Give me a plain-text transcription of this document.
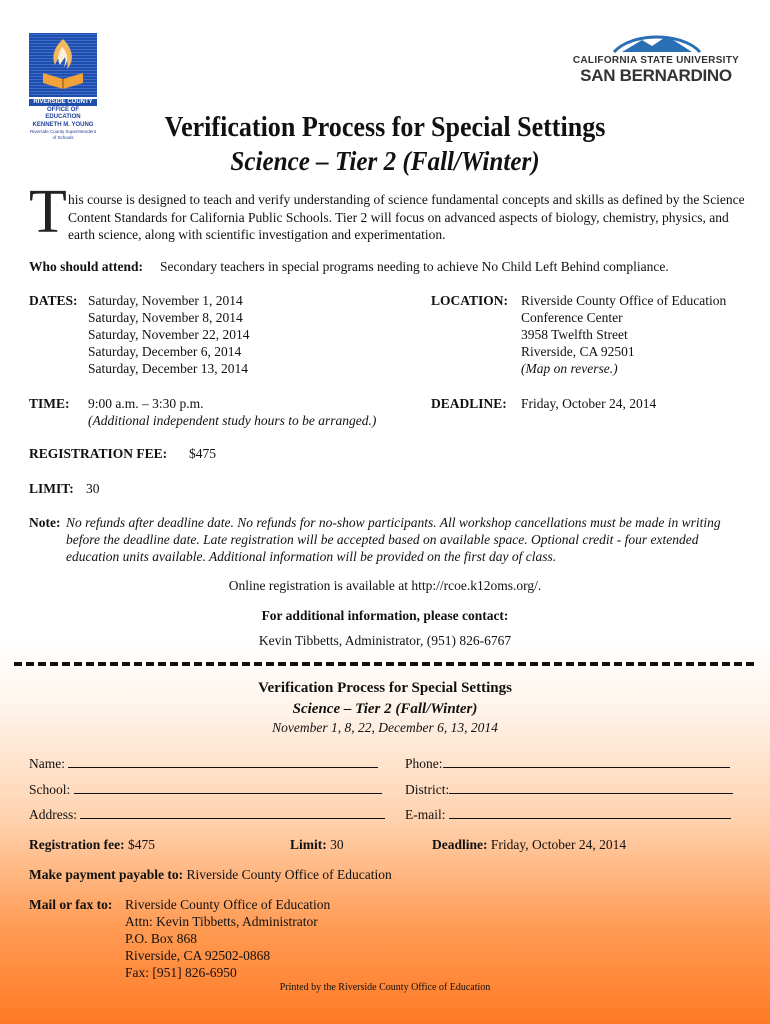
RIVERSIDE COUNTY
OFFICE OF EDUCATION
KENNETH M. YOUNG
Riverside County Superintendent of Schools
CALIFORNIA STATE UNIVERSITY
SAN BERNARDINO
Verification Process for Special Settings
Science – Tier 2 (Fall/Winter)
T his course is designed to teach and verify understanding of science fundamental concepts and skills as defined by the Science Content Standards for California Public Schools. Tier 2 will focus on advanced aspects of biology, chemistry, physics, and earth science, along with scientific investigation and experimentation.
Who should attend: Secondary teachers in special programs needing to achieve No Child Left Behind compliance.
DATES: Saturday, November 1, 2014
Saturday, November 8, 2014
Saturday, November 22, 2014
Saturday, December 6, 2014
Saturday, December 13, 2014
LOCATION: Riverside County Office of Education
Conference Center
3958 Twelfth Street
Riverside, CA 92501
(Map on reverse.)
TIME: 9:00 a.m. – 3:30 p.m.
(Additional independent study hours to be arranged.)
DEADLINE: Friday, October 24, 2014
REGISTRATION FEE: $475
LIMIT: 30
Note: No refunds after deadline date. No refunds for no-show participants. All workshop cancellations must be made in writing before the deadline date. Late registration will be accepted based on available space. Optional credit - four extended education units available. Additional information will be provided on the first day of class.
Online registration is available at http://rcoe.k12oms.org/.
For additional information, please contact:
Kevin Tibbetts, Administrator, (951) 826-6767
Verification Process for Special Settings
Science – Tier 2 (Fall/Winter)
November 1, 8, 22, December 6, 13, 2014
Name:	Phone:
School:	District:
Address:	E-mail:
Registration fee: $475	Limit: 30	Deadline: Friday, October 24, 2014
Make payment payable to: Riverside County Office of Education
Mail or fax to: Riverside County Office of Education
Attn: Kevin Tibbetts, Administrator
P.O. Box 868
Riverside, CA 92502-0868
Fax: [951] 826-6950
Printed by the Riverside County Office of Education
